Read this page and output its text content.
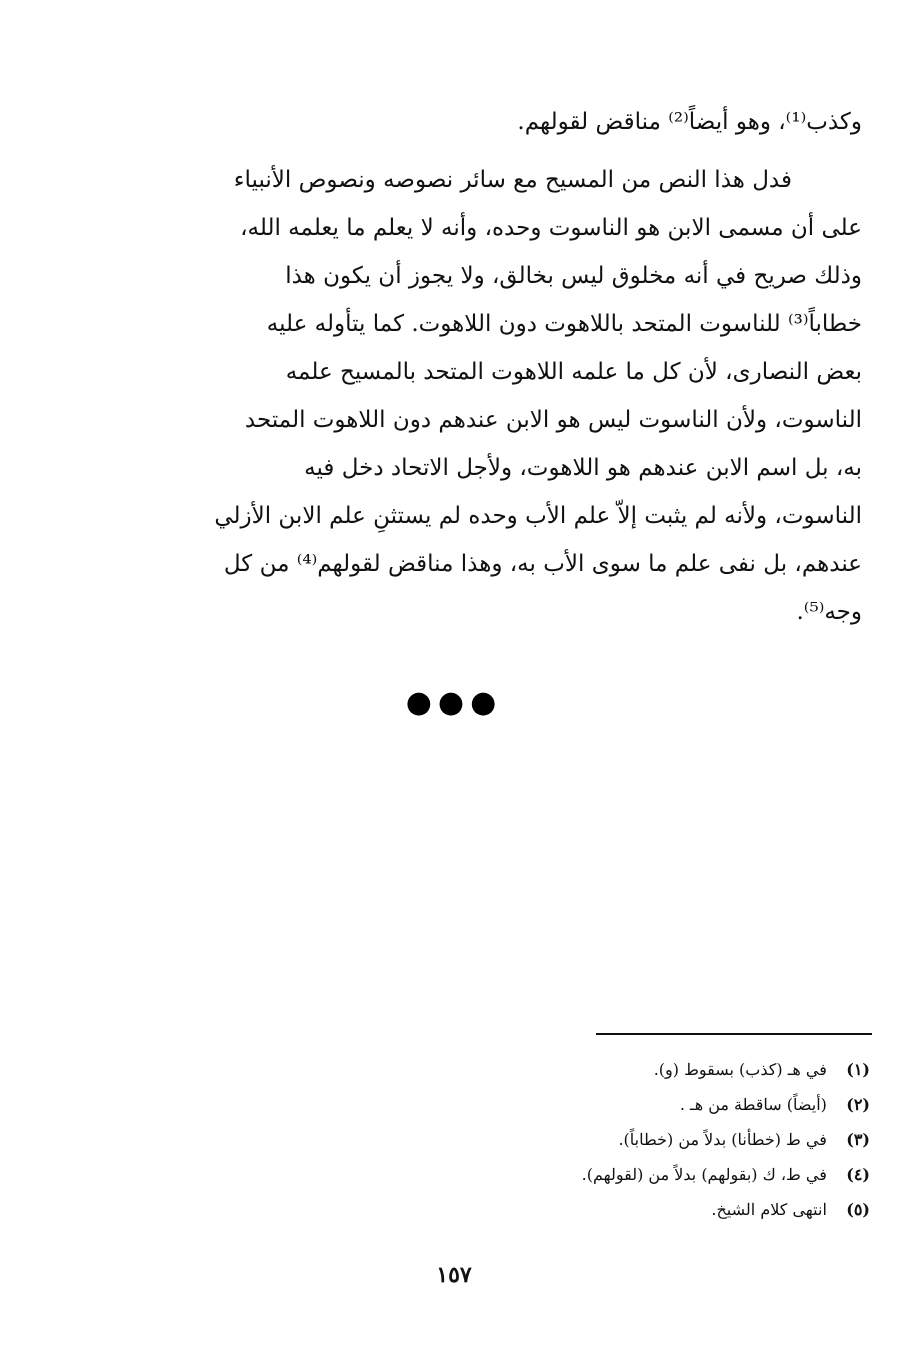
وكذب⁽¹⁾، وهو أيضاً⁽²⁾ مناقض لقولهم.
فدل هذا النص من المسيح مع سائر نصوصه ونصوص الأنبياء
على أن مسمى الابن هو الناسوت وحده، وأنه لا يعلم ما يعلمه الله،
وذلك صريح في أنه مخلوق ليس بخالق، ولا يجوز أن يكون هذا
خطاباً⁽³⁾ للناسوت المتحد باللاهوت دون اللاهوت. كما يتأوله عليه
بعض النصارى، لأن كل ما علمه اللاهوت المتحد بالمسيح علمه
الناسوت، ولأن الناسوت ليس هو الابن عندهم دون اللاهوت المتحد
به، بل اسم الابن عندهم هو اللاهوت، ولأجل الاتحاد دخل فيه
الناسوت، ولأنه لم يثبت إلاّ علم الأب وحده لم يستثنِ علم الابن الأزلي
عندهم، بل نفى علم ما سوى الأب به، وهذا مناقض لقولهم⁽⁴⁾ من كل
وجه⁽⁵⁾.
●●●
(١) في هـ (كذب) بسقوط (و).
(٢) (أيضاً) ساقطة من هـ .
(٣) في ط (خطأنا) بدلاً من (خطاباً).
(٤) في ط، ك (بقولهم) بدلاً من (لقولهم).
(٥) انتهى كلام الشيخ.
١٥٧
